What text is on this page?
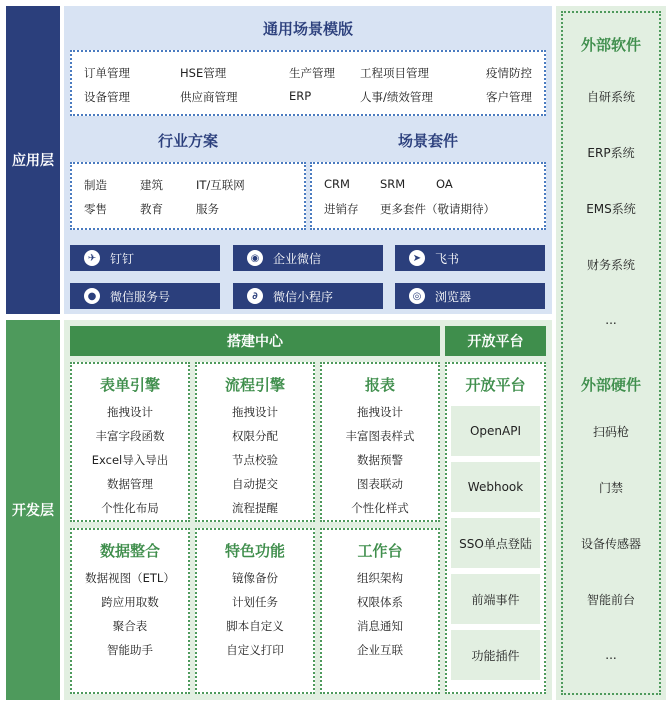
应用层
开发层
通用场景模版
行业方案	场景套件
制造	建筑	IT/互联网
零售	教育	服务
CRM	SRM	OA
进销存 更多套件（敬请期待）
✈	钉钉	◉	企业微信	➤	飞书
●	微信服务号	∂	微信小程序	◎	浏览器
搭建中心	开放平台
开放平台
外部软件
外部硬件
订单管理	HSE管理	生产管理 工程项目管理	疫情防控
设备管理	供应商管理	ERP	人事/绩效管理	客户管理
表单引擎
拖拽设计
丰富字段函数
Excel导入导出
数据管理
个性化布局
流程引擎
拖拽设计
权限分配
节点校验
自动提交
流程提醒
报表
拖拽设计
丰富图表样式
数据预警
图表联动
个性化样式
数据整合
数据视图（ETL）
跨应用取数
聚合表
智能助手
特色功能
镜像备份
计划任务
脚本自定义
自定义打印
工作台
组织架构
权限体系
消息通知
企业互联
OpenAPI
Webhook
SSO单点登陆
前端事件
功能插件
自研系统
ERP系统
EMS系统
财务系统
...
扫码枪
门禁
设备传感器
智能前台
...
